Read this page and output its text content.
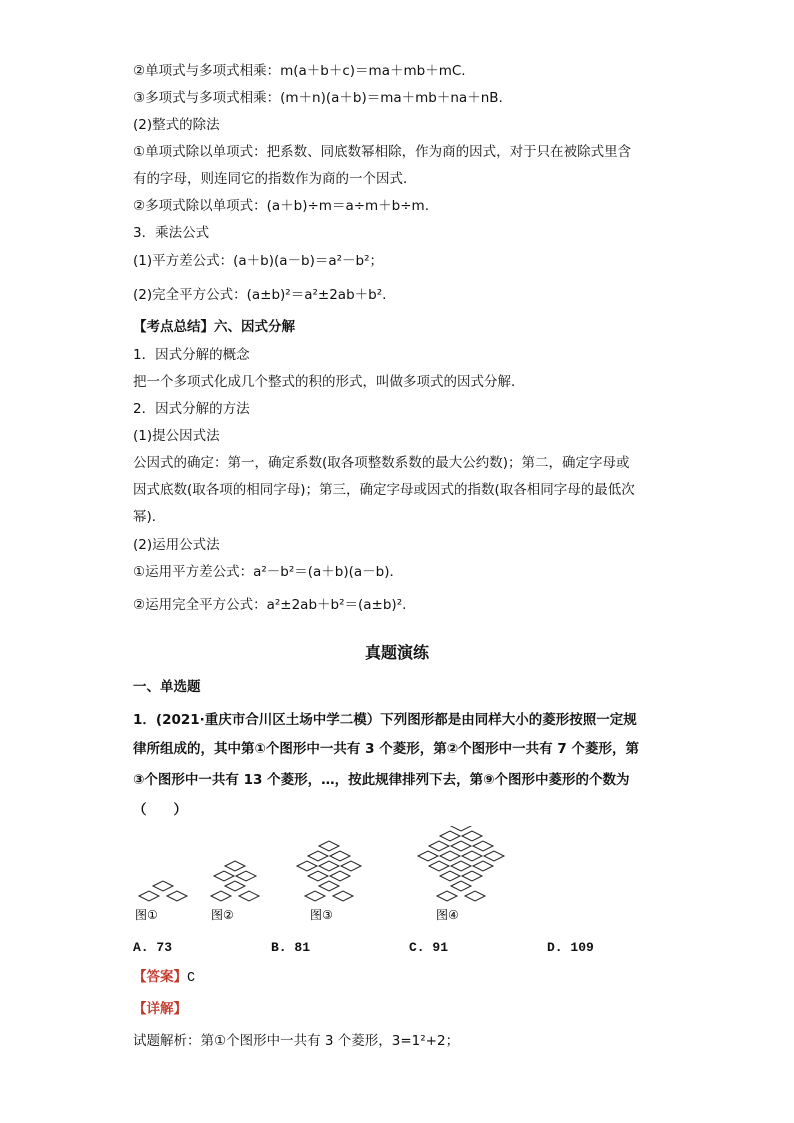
②单项式与多项式相乘：m(a＋b＋c)＝ma＋mb＋mC.
③多项式与多项式相乘：(m＋n)(a＋b)＝ma＋mb＋na＋nB.
(2)整式的除法
①单项式除以单项式：把系数、同底数幂相除，作为商的因式，对于只在被除式里含
有的字母，则连同它的指数作为商的一个因式．
②多项式除以单项式：(a＋b)÷m＝a÷m＋b÷m.
3．乘法公式
(1)平方差公式：(a＋b)(a－b)＝a²－b²；
(2)完全平方公式：(a±b)²＝a²±2ab＋b².
【考点总结】六、因式分解
1．因式分解的概念
把一个多项式化成几个整式的积的形式，叫做多项式的因式分解．
2．因式分解的方法
(1)提公因式法
公因式的确定：第一，确定系数(取各项整数系数的最大公约数)；第二，确定字母或
因式底数(取各项的相同字母)；第三，确定字母或因式的指数(取各相同字母的最低次
幂)．
(2)运用公式法
①运用平方差公式：a²－b²＝(a＋b)(a－b)．
②运用完全平方公式：a²±2ab＋b²＝(a±b)².
真题演练
一、单选题
1．(2021·重庆市合川区土场中学二模）下列图形都是由同样大小的菱形按照一定规
律所组成的，其中第①个图形中一共有 3 个菱形，第②个图形中一共有 7 个菱形，第
③个图形中一共有 13 个菱形，…，按此规律排列下去，第⑨个图形中菱形的个数为
（　　）
图①	图②	图③	图④
A. 73	B. 81	C. 91	D. 109
【答案】C
【详解】
试题解析：第①个图形中一共有 3 个菱形，3=1²+2；
